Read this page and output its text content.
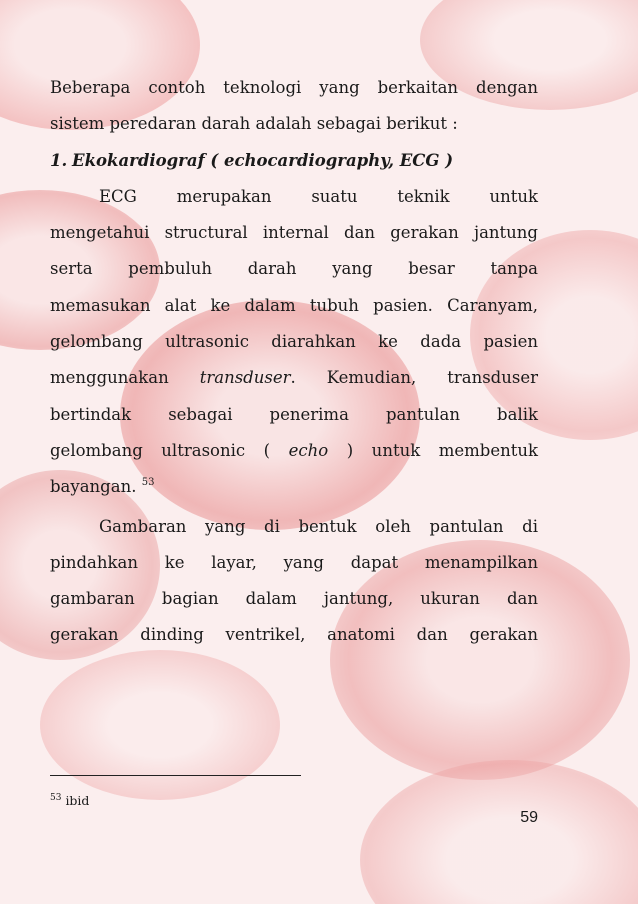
Beberapa contoh teknologi yang berkaitan dengan

sistem peredaran darah adalah sebagai berikut :

1. Ekokardiograf ( echocardiography, ECG )

ECG merupakan suatu teknik untuk

mengetahui structural internal dan gerakan jantung

serta pembuluh darah yang besar tanpa

memasukan alat ke dalam tubuh pasien. Caranyam,

gelombang ultrasonic diarahkan ke dada pasien

menggunakan transduser. Kemudian, transduser

bertindak sebagai penerima pantulan balik

gelombang ultrasonic ( echo ) untuk membentuk

bayangan. $^{53}$

Gambaran yang di bentuk oleh pantulan di

pindahkan ke layar, yang dapat menampilkan

gambaran bagian dalam jantung, ukuran dan

gerakan dinding ventrikel, anatomi dan gerakan

$^{53}$ ibid
59
